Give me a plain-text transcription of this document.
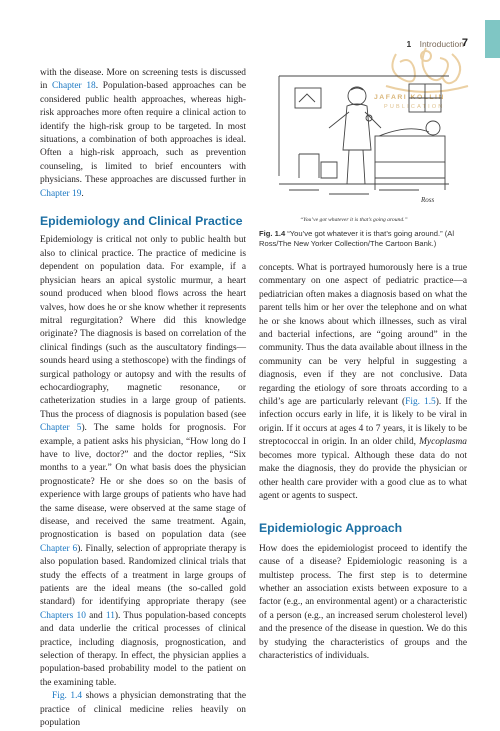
1 Introduction
7
JAFARI KOLLIN
PUBLICATION

with the disease. More on screening tests is discussed in Chapter 18. Population-based approaches can be considered public health approaches, whereas high-risk approaches more often require a clinical action to identify the high-risk group to be targeted. In most situations, a combination of both approaches is ideal. Often a high-risk approach, such as prevention counseling, is limited to brief encounters with physicians. These approaches are discussed further in Chapter 19.

Epidemiology and Clinical Practice

Epidemiology is critical not only to public health but also to clinical practice. The practice of medicine is dependent on population data. For example, if a physician hears an apical systolic murmur, a heart sound produced when blood flows across the heart valves, how does he or she know whether it represents mitral regurgitation? Where did this knowledge originate? The diagnosis is based on correlation of the clinical findings (such as the auscultatory findings—sounds heard using a stethoscope) with the findings of surgical pathology or autopsy and with the results of echocardiography, magnetic resonance, or catheterization studies in a large group of patients. Thus the process of diagnosis is population based (see Chapter 5). The same holds for prognosis. For example, a patient asks his physician, “How long do I have to live, doctor?” and the doctor replies, “Six months to a year.” On what basis does the physician prognosticate? He or she does so on the basis of experience with large groups of patients who have had the same disease, were observed at the same stage of disease, and received the same treatment. Again, prognostication is based on population data (see Chapter 6). Finally, selection of appropriate therapy is also population based. Randomized clinical trials that study the effects of a treatment in large groups of patients are the ideal means (the so-called gold standard) for identifying appropriate therapy (see Chapters 10 and 11). Thus population-based concepts and data underlie the critical processes of clinical practice, including diagnosis, prognostication, and selection of therapy. In effect, the physician applies a population-based probability model to the patient on the examining table.

Fig. 1.4 shows a physician demonstrating that the practice of clinical medicine relies heavily on population

Ross
“You’ve got whatever it is that’s going around.”
Fig. 1.4 “You’ve got whatever it is that’s going around.” (Al Ross/The New Yorker Collection/The Cartoon Bank.)

concepts. What is portrayed humorously here is a true commentary on one aspect of pediatric practice—a pediatrician often makes a diagnosis based on what the parent tells him or her over the telephone and on what he or she knows about which illnesses, such as viral and bacterial infections, are “going around” in the community. Thus the data available about illness in the community can be very helpful in suggesting a diagnosis, even if they are not conclusive. Data regarding the etiology of sore throats according to a child’s age are particularly relevant (Fig. 1.5). If the infection occurs early in life, it is likely to be viral in origin. If it occurs at ages 4 to 7 years, it is likely to be streptococcal in origin. In an older child, Mycoplasma becomes more typical. Although these data do not make the diagnosis, they do provide the physician or other health care provider with a good clue as to what agent or agents to suspect.

Epidemiologic Approach

How does the epidemiologist proceed to identify the cause of a disease? Epidemiologic reasoning is a multistep process. The first step is to determine whether an association exists between exposure to a factor (e.g., an environmental agent) or a characteristic of a person (e.g., an increased serum cholesterol level) and the presence of the disease in question. We do this by studying the characteristics of groups and the characteristics of individuals.
